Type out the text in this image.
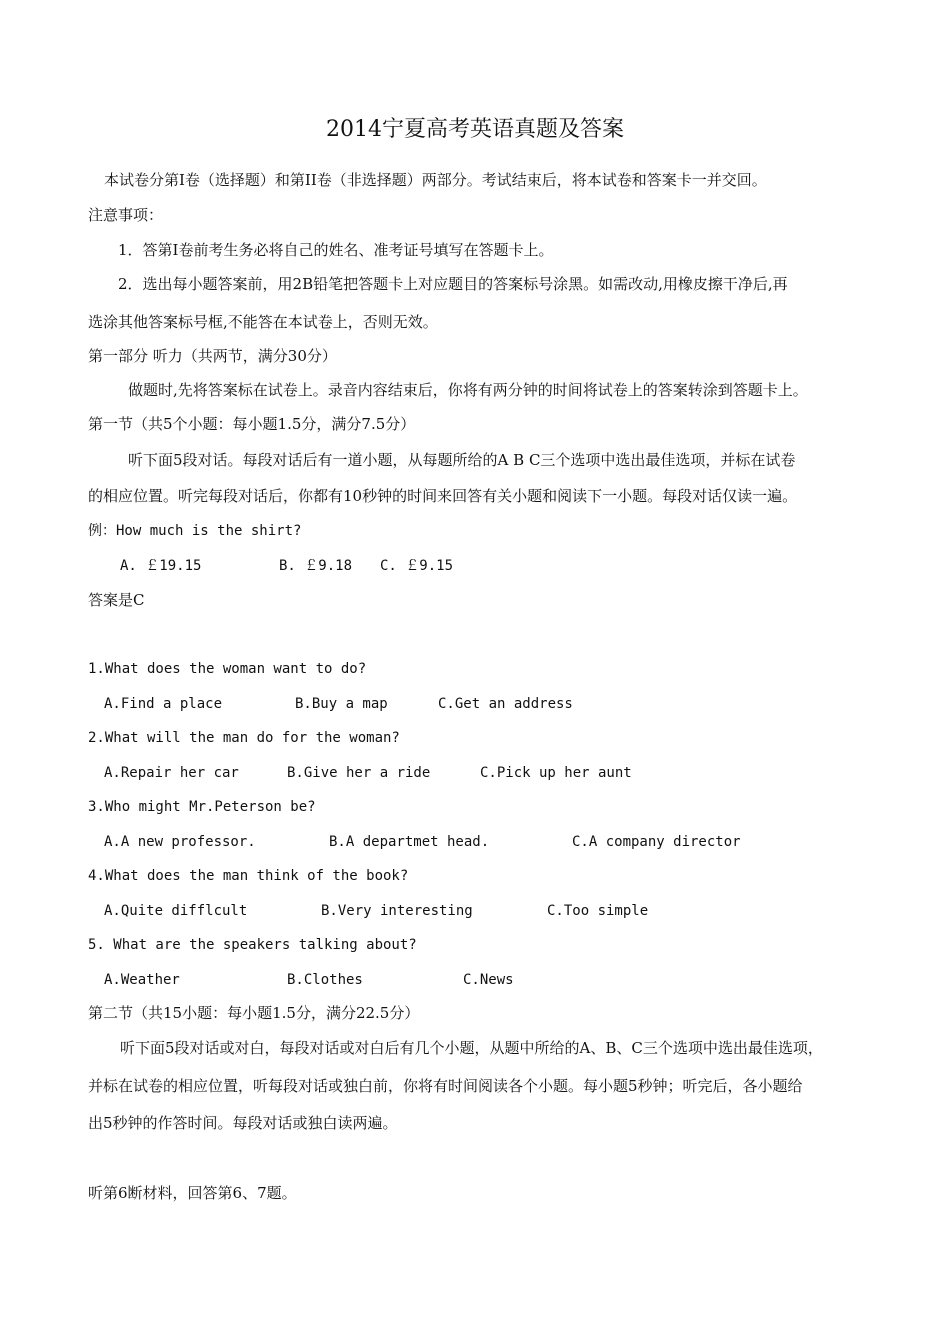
2014宁夏高考英语真题及答案
本试卷分第Ⅰ卷（选择题）和第II卷（非选择题）两部分。考试结束后，将本试卷和答案卡一并交回。
注意事项：
1．答第Ⅰ卷前考生务必将自己的姓名、准考证号填写在答题卡上。
2．选出每小题答案前，用2B铅笔把答题卡上对应题目的答案标号涂黑。如需改动,用橡皮擦干净后,再
选涂其他答案标号框,不能答在本试卷上，否则无效。
第一部分 听力（共两节，满分30分）
做题时,先将答案标在试卷上。录音内容结束后，你将有两分钟的时间将试卷上的答案转涂到答题卡上。
第一节（共5个小题：每小题1.5分，满分7.5分）
听下面5段对话。每段对话后有一道小题，从每题所给的A B C三个选项中选出最佳选项，并标在试卷
的相应位置。听完每段对话后，你都有10秒钟的时间来回答有关小题和阅读下一小题。每段对话仅读一遍。
例：How much is the shirt?
A. ￡19.15	B. ￡9.18 C. ￡9.15
答案是C
1.What does the woman want to do?
A.Find a place	B.Buy a map	C.Get an address
2.What will the man do for the woman?
A.Repair her car	B.Give her a ride	C.Pick up her aunt
3.Who might Mr.Peterson be?
A.A new professor.	B.A departmet head.	C.A company director
4.What does the man think of the book?
A.Quite difflcult	B.Very interesting	C.Too simple
5. What are the speakers talking about?
A.Weather	B.Clothes	C.News
第二节（共15小题：每小题1.5分，满分22.5分）
听下面5段对话或对白，每段对话或对白后有几个小题，从题中所给的A、B、C三个选项中选出最佳选项，
并标在试卷的相应位置，听每段对话或独白前，你将有时间阅读各个小题。每小题5秒钟；听完后，各小题给
出5秒钟的作答时间。每段对话或独白读两遍。
听第6断材料，回答第6、7题。
